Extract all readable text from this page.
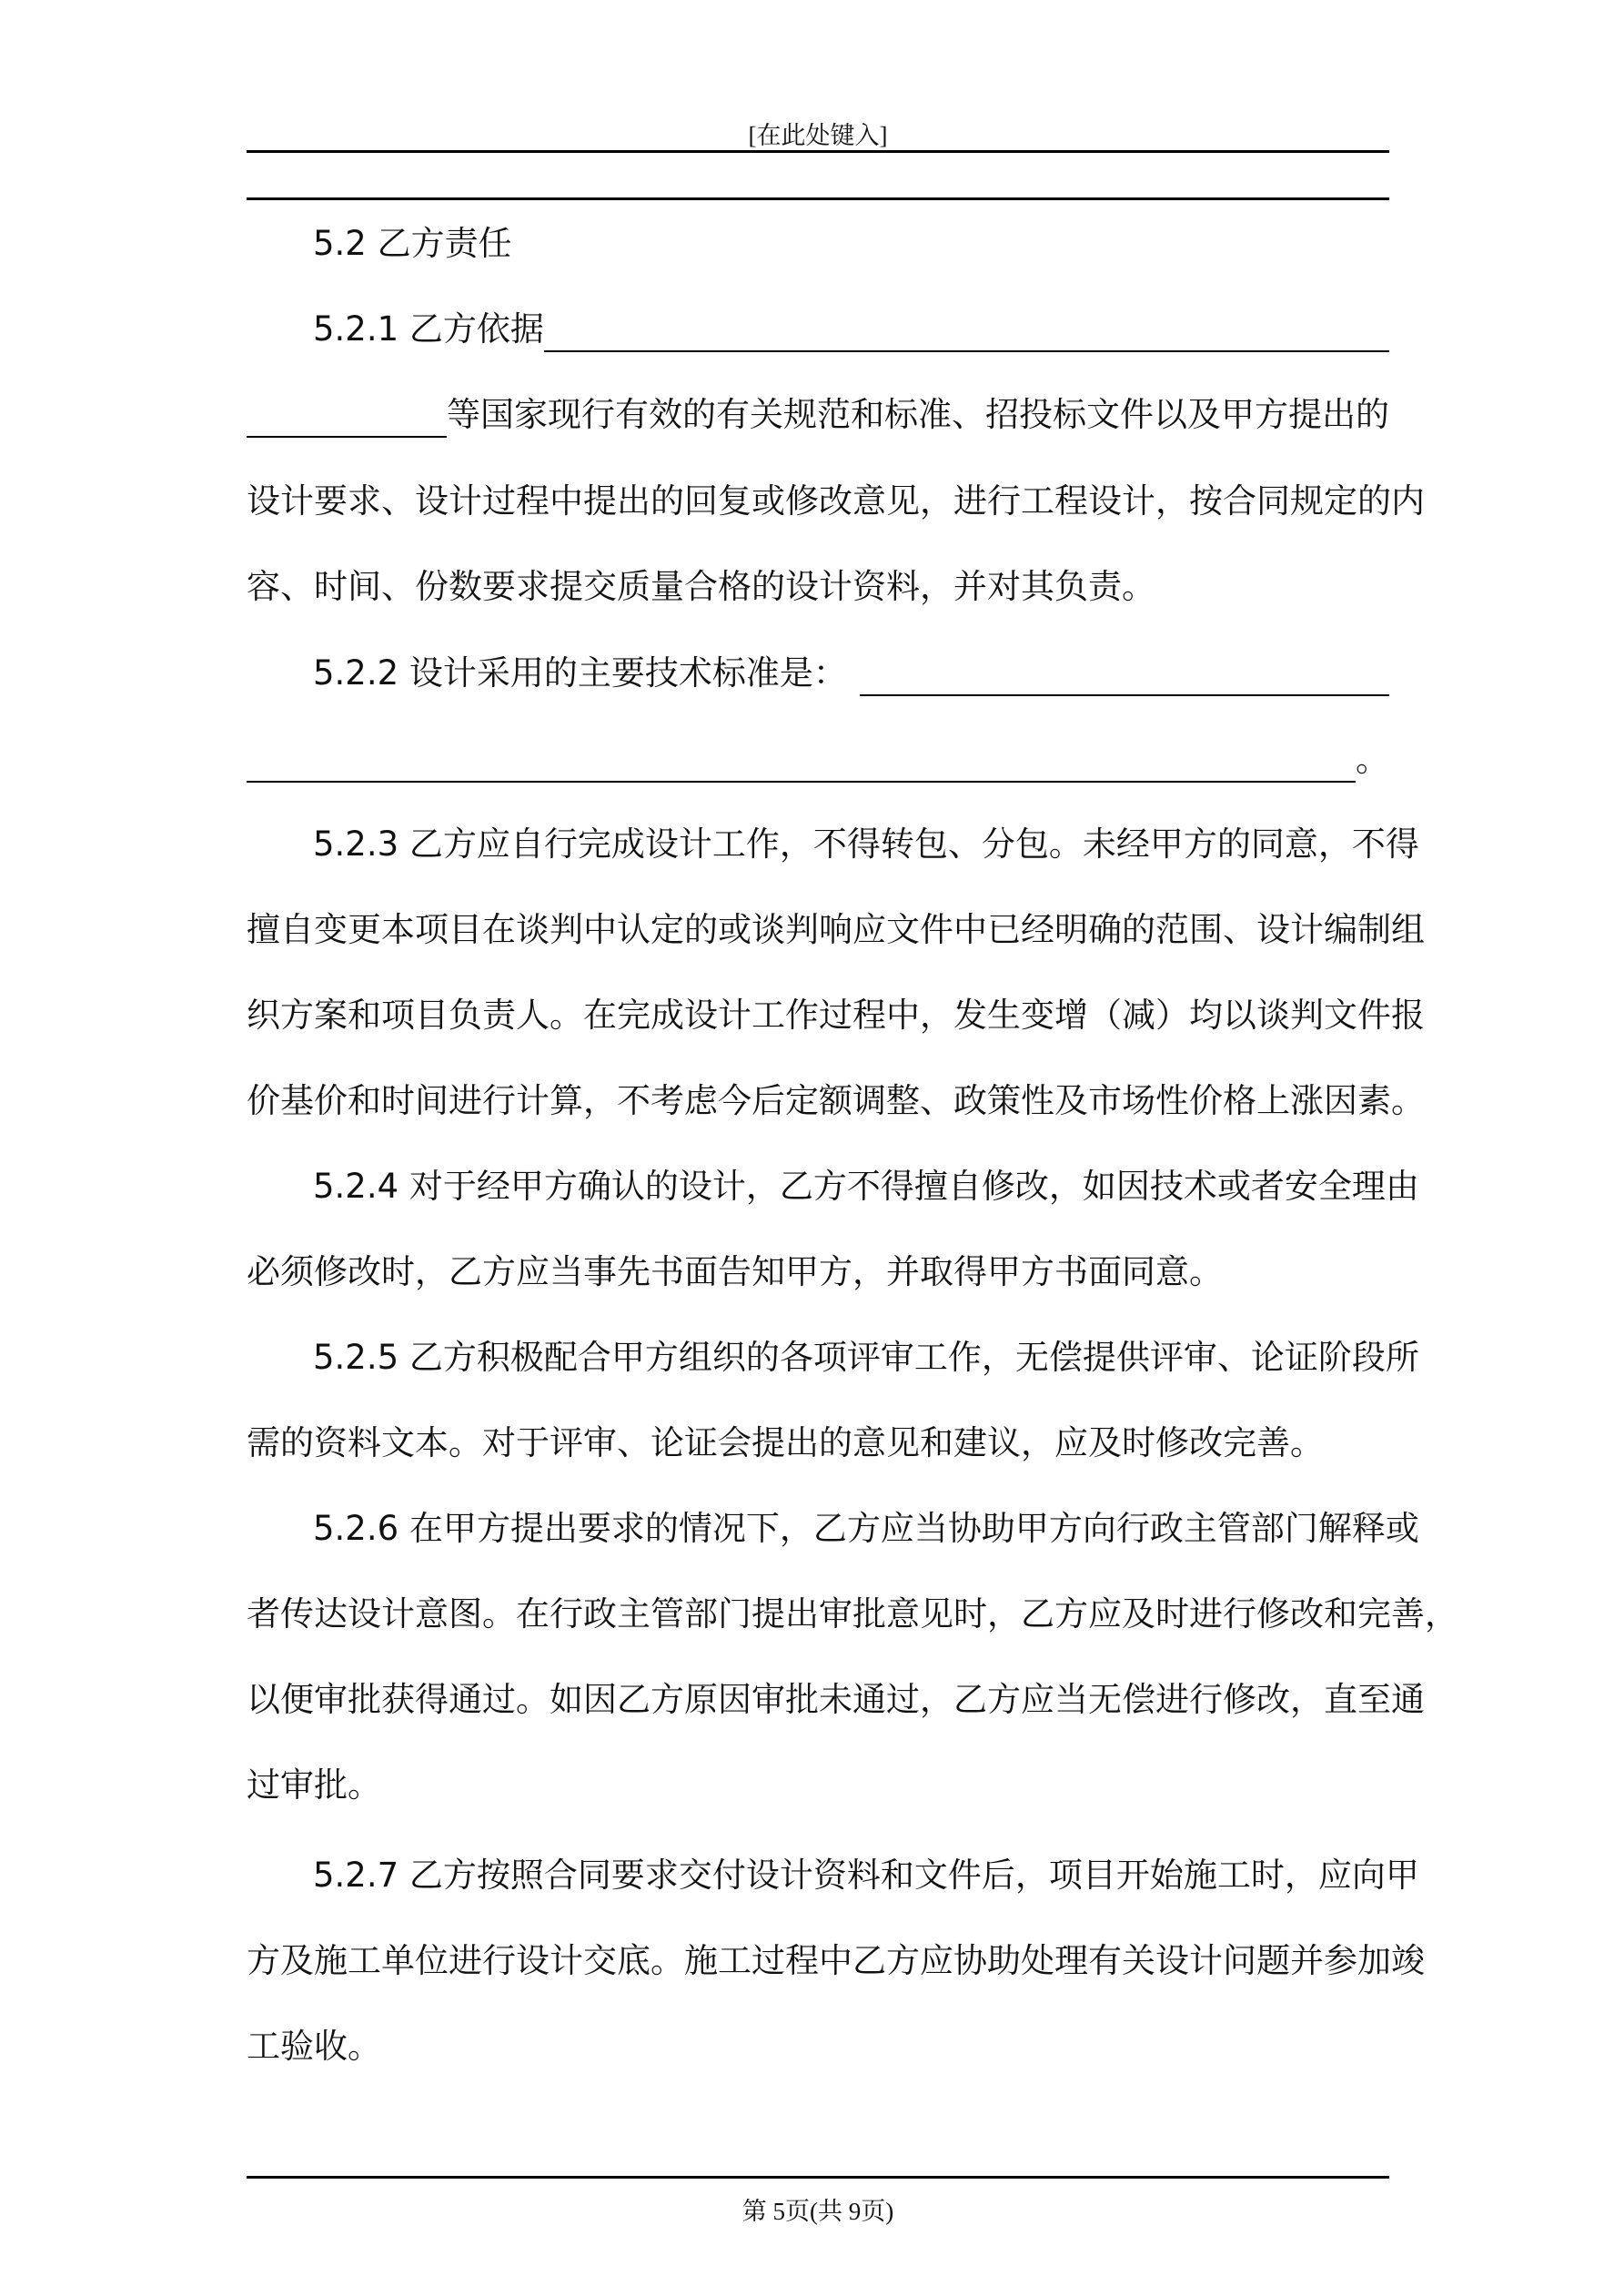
[在此处键入]
5.2 乙方责任
5.2.1 乙方依据
等国家现行有效的有关规范和标准、招投标文件以及甲方提出的
设计要求、设计过程中提出的回复或修改意见，进行工程设计，按合同规定的内
容、时间、份数要求提交质量合格的设计资料，并对其负责。
5.2.2 设计采用的主要技术标准是：
。
5.2.3 乙方应自行完成设计工作，不得转包、分包。未经甲方的同意，不得
擅自变更本项目在谈判中认定的或谈判响应文件中已经明确的范围、设计编制组
织方案和项目负责人。在完成设计工作过程中，发生变增（减）均以谈判文件报
价基价和时间进行计算，不考虑今后定额调整、政策性及市场性价格上涨因素。
5.2.4 对于经甲方确认的设计，乙方不得擅自修改，如因技术或者安全理由
必须修改时，乙方应当事先书面告知甲方，并取得甲方书面同意。
5.2.5 乙方积极配合甲方组织的各项评审工作，无偿提供评审、论证阶段所
需的资料文本。对于评审、论证会提出的意见和建议，应及时修改完善。
5.2.6 在甲方提出要求的情况下，乙方应当协助甲方向行政主管部门解释或
者传达设计意图。在行政主管部门提出审批意见时，乙方应及时进行修改和完善，
以便审批获得通过。如因乙方原因审批未通过，乙方应当无偿进行修改，直至通
过审批。
5.2.7 乙方按照合同要求交付设计资料和文件后，项目开始施工时，应向甲
方及施工单位进行设计交底。施工过程中乙方应协助处理有关设计问题并参加竣
工验收。
第 5页(共 9页)
